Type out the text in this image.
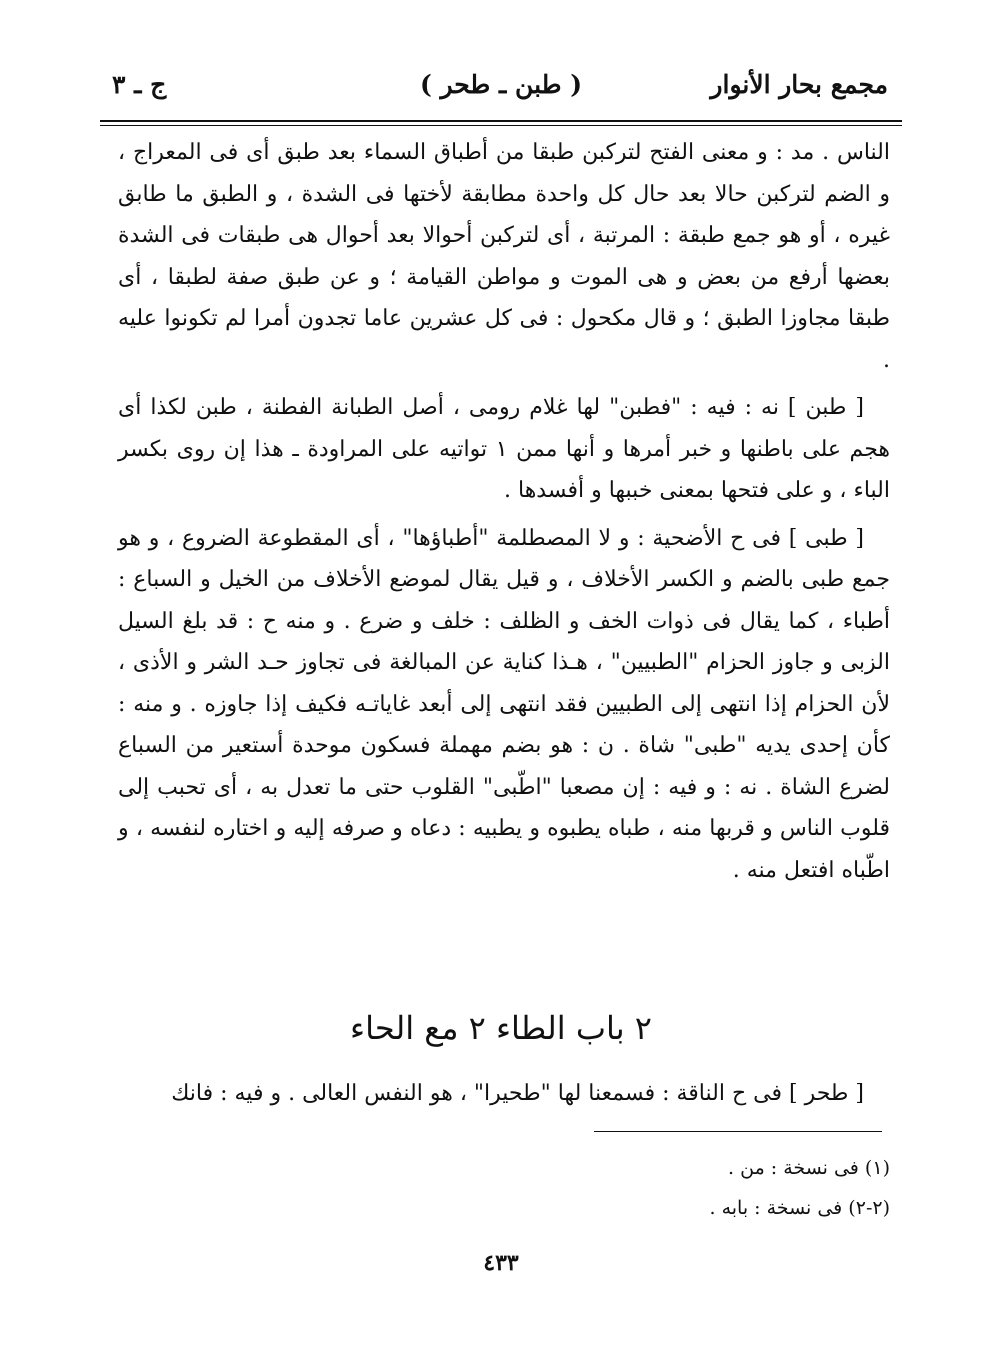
مجمع بحار الأنوار
( طبن ـ طحر )
ج ـ ٣

الناس . مد : و معنى الفتح لتركبن طبقا من أطباق السماء بعد طبق أى فى المعراج ، و الضم لتركبن حالا بعد حال كل واحدة مطابقة لأختها فى الشدة ، و الطبق ما طابق غيره ، أو هو جمع طبقة : المرتبة ، أى لتركبن أحوالا بعد أحوال هى طبقات فى الشدة بعضها أرفع من بعض و هى الموت و مواطن القيامة ؛ و عن طبق صفة لطبقا ، أى طبقا مجاوزا الطبق ؛ و قال مكحول : فى كل عشرين عاما تجدون أمرا لم تكونوا عليه .

[ طبن ] نه : فيه : "فطبن" لها غلام رومى ، أصل الطبانة الفطنة ، طبن لكذا أى هجم على باطنها و خبر أمرها و أنها ممن ١ تواتيه على المراودة ـ هذا إن روى بكسر الباء ، و على فتحها بمعنى خببها و أفسدها .

[ طبى ] فى ح الأضحية : و لا المصطلمة "أطباؤها" ، أى المقطوعة الضروع ، و هو جمع طبى بالضم و الكسر الأخلاف ، و قيل يقال لموضع الأخلاف من الخيل و السباع : أطباء ، كما يقال فى ذوات الخف و الظلف : خلف و ضرع . و منه ح : قد بلغ السيل الزبى و جاوز الحزام "الطبيين" ، هـذا كناية عن المبالغة فى تجاوز حـد الشر و الأذى ، لأن الحزام إذا انتهى إلى الطبيين فقد انتهى إلى أبعد غاياتـه فكيف إذا جاوزه . و منه : كأن إحدى يديه "طبى" شاة . ن : هو بضم مهملة فسكون موحدة أستعير من السباع لضرع الشاة . نه : و فيه : إن مصعبا "اطّبى" القلوب حتى ما تعدل به ، أى تحبب إلى قلوب الناس و قربها منه ، طباه يطبوه و يطبيه : دعاه و صرفه إليه و اختاره لنفسه ، و اطّباه افتعل منه .

٢ باب الطاء ٢ مع الحاء
[ طحر ] فى ح الناقة : فسمعنا لها "طحيرا" ، هو النفس العالى . و فيه : فانك

(١) فى نسخة : من .

(٢-٢) فى نسخة : بابه .

٤٣٣
